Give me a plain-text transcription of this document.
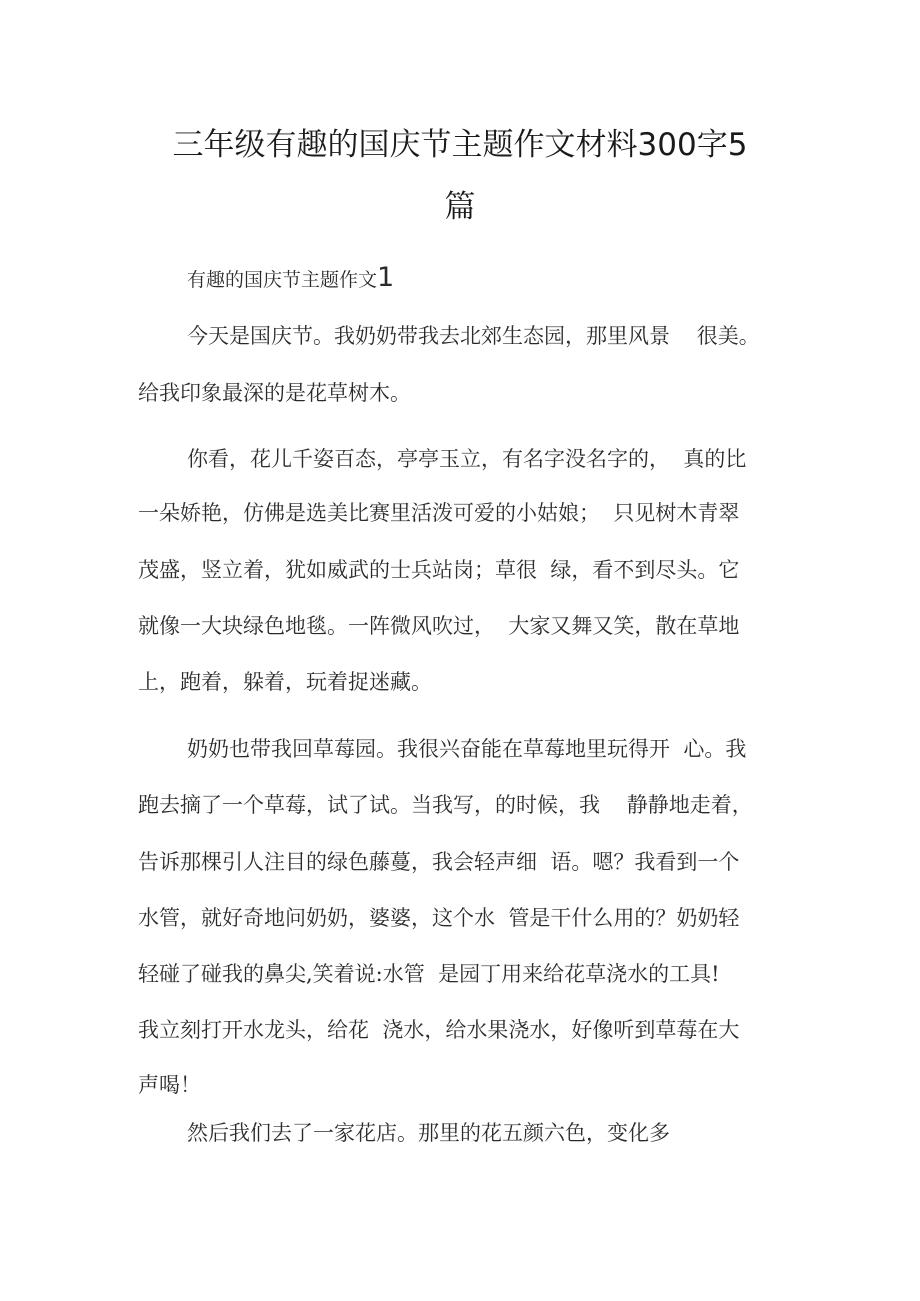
三年级有趣的国庆节主题作文材料300字5
篇
有趣的国庆节主题作文1
今天是国庆节。我奶奶带我去北郊生态园，那里风景    很美。
给我印象最深的是花草树木。
你看，花儿千姿百态，亭亭玉立，有名字没名字的，  真的比
一朵娇艳，仿佛是选美比赛里活泼可爱的小姑娘；  只见树木青翠
茂盛，竖立着，犹如威武的士兵站岗；草很  绿，看不到尽头。它
就像一大块绿色地毯。一阵微风吹过，  大家又舞又笑，散在草地
上，跑着，躲着，玩着捉迷藏。
奶奶也带我回草莓园。我很兴奋能在草莓地里玩得开  心。我
跑去摘了一个草莓，试了试。当我写，的时候，我    静静地走着，
告诉那棵引人注目的绿色藤蔓，我会轻声细  语。嗯？我看到一个
水管，就好奇地问奶奶，婆婆，这个水  管是干什么用的？奶奶轻
轻碰了碰我的鼻尖,笑着说:水管  是园丁用来给花草浇水的工具!
我立刻打开水龙头，给花  浇水，给水果浇水，好像听到草莓在大
声喝！
然后我们去了一家花店。那里的花五颜六色，变化多
